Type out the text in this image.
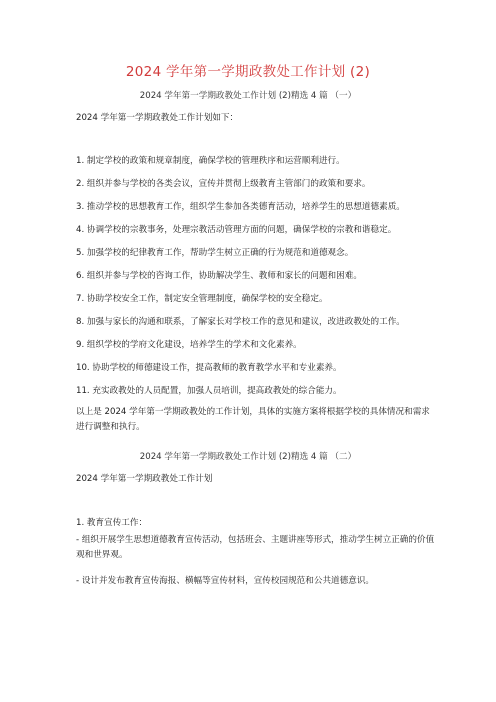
2024 学年第一学期政教处工作计划 (2)
2024 学年第一学期政教处工作计划 (2)精选 4 篇 （一）
2024 学年第一学期政教处工作计划如下：
1. 制定学校的政策和规章制度，确保学校的管理秩序和运营顺利进行。
2. 组织并参与学校的各类会议，宣传并贯彻上级教育主管部门的政策和要求。
3. 推动学校的思想教育工作，组织学生参加各类德育活动，培养学生的思想道德素质。
4. 协调学校的宗教事务，处理宗教活动管理方面的问题，确保学校的宗教和谐稳定。
5. 加强学校的纪律教育工作，帮助学生树立正确的行为规范和道德观念。
6. 组织并参与学校的咨询工作，协助解决学生、教师和家长的问题和困难。
7. 协助学校安全工作，制定安全管理制度，确保学校的安全稳定。
8. 加强与家长的沟通和联系，了解家长对学校工作的意见和建议，改进政教处的工作。
9. 组织学校的学府文化建设，培养学生的学术和文化素养。
10. 协助学校的师德建设工作，提高教师的教育教学水平和专业素养。
11. 充实政教处的人员配置，加强人员培训，提高政教处的综合能力。
以上是 2024 学年第一学期政教处的工作计划，具体的实施方案将根据学校的具体情况和需求进行调整和执行。
2024 学年第一学期政教处工作计划 (2)精选 4 篇 （二）
2024 学年第一学期政教处工作计划
1. 教育宣传工作：
- 组织开展学生思想道德教育宣传活动，包括班会、主题讲座等形式，推动学生树立正确的价值观和世界观。
- 设计并发布教育宣传海报、横幅等宣传材料，宣传校园规范和公共道德意识。
